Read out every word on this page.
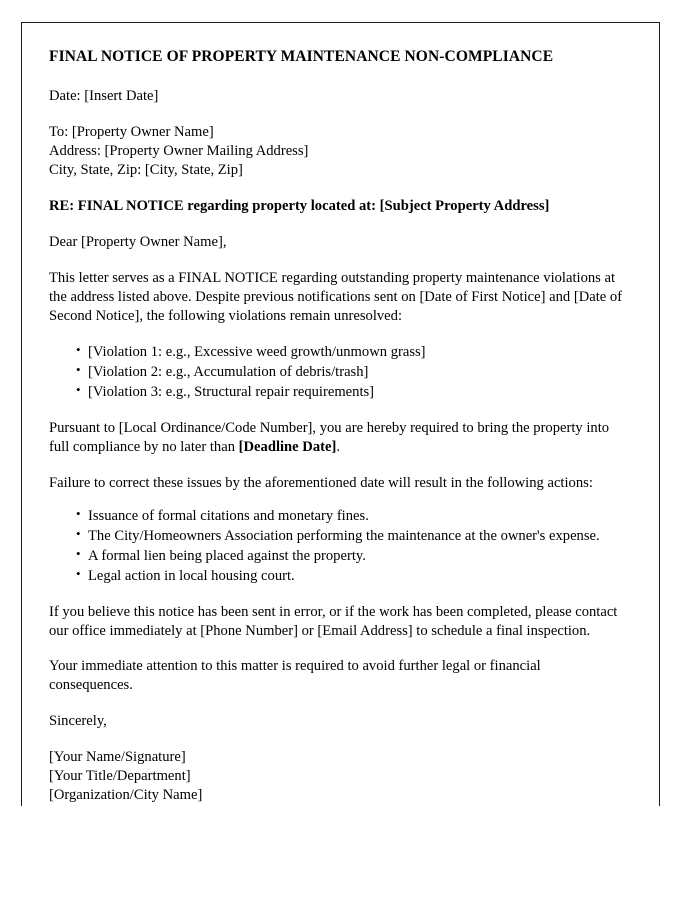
FINAL NOTICE OF PROPERTY MAINTENANCE NON-COMPLIANCE

Date: [Insert Date]

To: [Property Owner Name]
Address: [Property Owner Mailing Address]
City, State, Zip: [City, State, Zip]

RE: FINAL NOTICE regarding property located at: [Subject Property Address]

Dear [Property Owner Name],

This letter serves as a FINAL NOTICE regarding outstanding property maintenance violations at the address listed above. Despite previous notifications sent on [Date of First Notice] and [Date of Second Notice], the following violations remain unresolved:

• [Violation 1: e.g., Excessive weed growth/unmown grass]
• [Violation 2: e.g., Accumulation of debris/trash]
• [Violation 3: e.g., Structural repair requirements]

Pursuant to [Local Ordinance/Code Number], you are hereby required to bring the property into full compliance by no later than [Deadline Date].

Failure to correct these issues by the aforementioned date will result in the following actions:

• Issuance of formal citations and monetary fines.
• The City/Homeowners Association performing the maintenance at the owner's expense.
• A formal lien being placed against the property.
• Legal action in local housing court.

If you believe this notice has been sent in error, or if the work has been completed, please contact our office immediately at [Phone Number] or [Email Address] to schedule a final inspection.

Your immediate attention to this matter is required to avoid further legal or financial consequences.

Sincerely,

[Your Name/Signature]
[Your Title/Department]
[Organization/City Name]
